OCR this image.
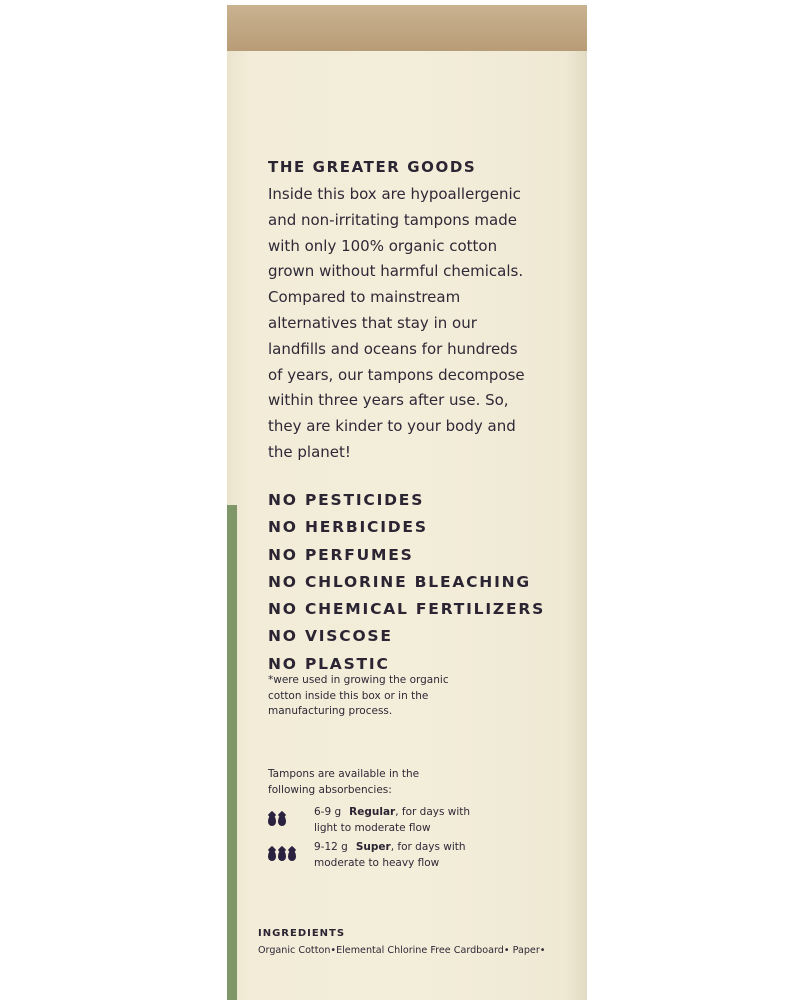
THE GREATER GOODS

Inside this box are hypoallergenic
and non-irritating tampons made
with only 100% organic cotton
grown without harmful chemicals.
Compared to mainstream
alternatives that stay in our
landfills and oceans for hundreds
of years, our tampons decompose
within three years after use. So,
they are kinder to your body and
the planet!

NO PESTICIDES
NO HERBICIDES
NO PERFUMES
NO CHLORINE BLEACHING
NO CHEMICAL FERTILIZERS
NO VISCOSE
NO PLASTIC

*were used in growing the organic
cotton inside this box or in the
manufacturing process.

Tampons are available in the
following absorbencies:

6-9 g Regular, for days with
light to moderate flow
9-12 g Super, for days with
moderate to heavy flow
INGREDIENTS
Organic Cotton•Elemental Chlorine Free Cardboard• Paper•
